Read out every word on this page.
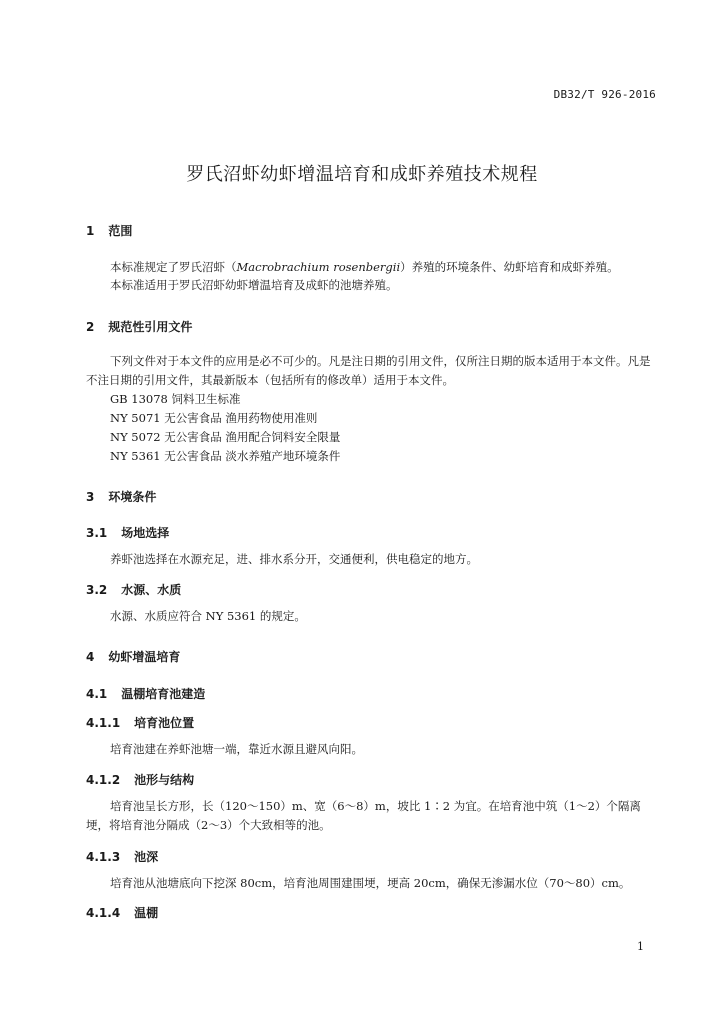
DB32/T 926-2016
罗氏沼虾幼虾增温培育和成虾养殖技术规程
1 范围

本标准规定了罗氏沼虾（Macrobrachium rosenbergii）养殖的环境条件、幼虾培育和成虾养殖。

本标准适用于罗氏沼虾幼虾增温培育及成虾的池塘养殖。

2 规范性引用文件

下列文件对于本文件的应用是必不可少的。凡是注日期的引用文件，仅所注日期的版本适用于本文件。凡是不注日期的引用文件，其最新版本（包括所有的修改单）适用于本文件。

GB 13078 饲料卫生标准
NY 5071 无公害食品 渔用药物使用准则
NY 5072 无公害食品 渔用配合饲料安全限量
NY 5361 无公害食品 淡水养殖产地环境条件
3 环境条件
3.1 场地选择

养虾池选择在水源充足，进、排水系分开，交通便利，供电稳定的地方。

3.2 水源、水质

水源、水质应符合 NY 5361 的规定。

4 幼虾增温培育
4.1 温棚培育池建造
4.1.1 培育池位置

培育池建在养虾池塘一端，靠近水源且避风向阳。

4.1.2 池形与结构

培育池呈长方形，长（120～150）m、宽（6～8）m，坡比 1∶2 为宜。在培育池中筑（1～2）个隔离埂，将培育池分隔成（2～3）个大致相等的池。

4.1.3 池深

培育池从池塘底向下挖深 80cm，培育池周围建围埂，埂高 20cm，确保无渗漏水位（70～80）cm。

4.1.4 温棚
1
